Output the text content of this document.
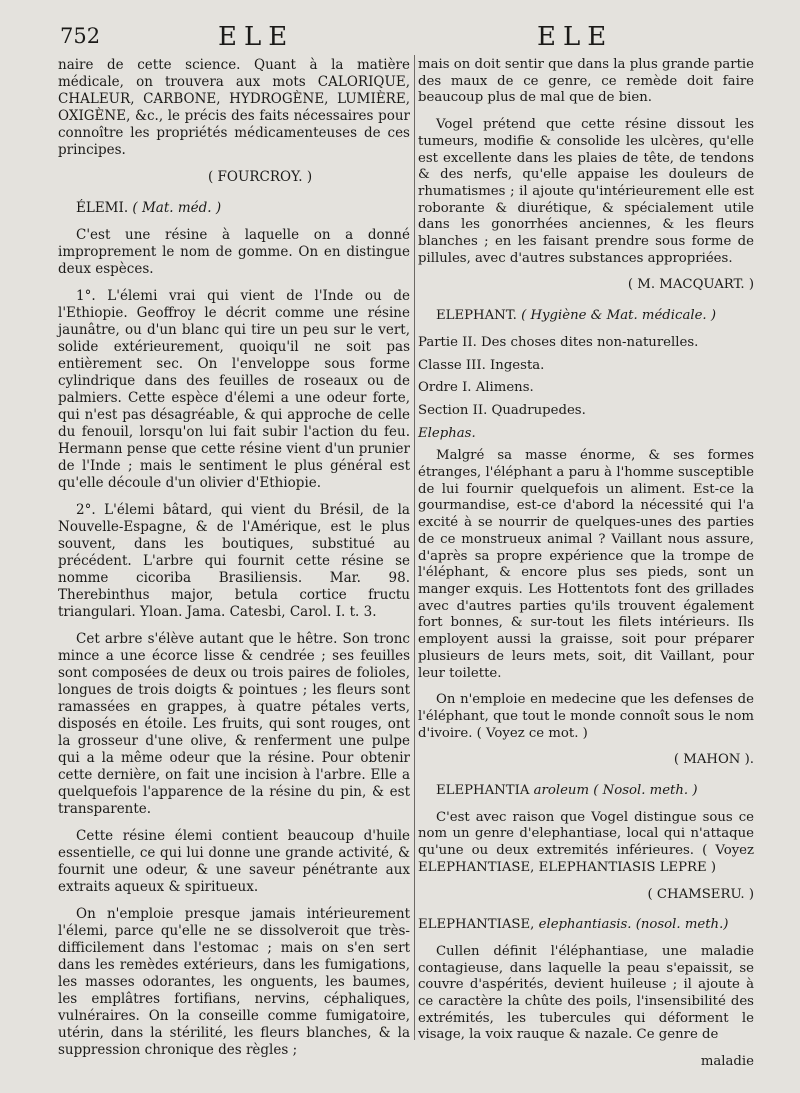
752	ELE	ELE

naire de cette science. Quant à la matière médicale, on trouvera aux mots CALORIQUE, CHALEUR, CARBONE, HYDROGÈNE, LUMIÈRE, OXIGÈNE, &c., le précis des faits nécessaires pour connoître les propriétés médicamenteuses de ces principes.

( FOURCROY. )

ÉLEMI. ( Mat. méd. )

C'est une résine à laquelle on a donné improprement le nom de gomme. On en distingue deux espèces.

1°. L'élemi vrai qui vient de l'Inde ou de l'Ethiopie. Geoffroy le décrit comme une résine jaunâtre, ou d'un blanc qui tire un peu sur le vert, solide extérieurement, quoiqu'il ne soit pas entièrement sec. On l'enveloppe sous forme cylindrique dans des feuilles de roseaux ou de palmiers. Cette espèce d'élemi a une odeur forte, qui n'est pas désagréable, & qui approche de celle du fenouil, lorsqu'on lui fait subir l'action du feu. Hermann pense que cette résine vient d'un prunier de l'Inde ; mais le sentiment le plus général est qu'elle découle d'un olivier d'Ethiopie.

2°. L'élemi bâtard, qui vient du Brésil, de la Nouvelle-Espagne, & de l'Amérique, est le plus souvent, dans les boutiques, substitué au précédent. L'arbre qui fournit cette résine se nomme cicoriba Brasiliensis. Mar. 98. Therebinthus major, betula cortice fructu triangulari. Yloan. Jama. Catesbi, Carol. I. t. 3.

Cet arbre s'élève autant que le hêtre. Son tronc mince a une écorce lisse & cendrée ; ses feuilles sont composées de deux ou trois paires de folioles, longues de trois doigts & pointues ; les fleurs sont ramassées en grappes, à quatre pétales verts, disposés en étoile. Les fruits, qui sont rouges, ont la grosseur d'une olive, & renferment une pulpe qui a la même odeur que la résine. Pour obtenir cette dernière, on fait une incision à l'arbre. Elle a quelquefois l'apparence de la résine du pin, & est transparente.

Cette résine élemi contient beaucoup d'huile essentielle, ce qui lui donne une grande activité, & fournit une odeur, & une saveur pénétrante aux extraits aqueux & spiritueux.

On n'emploie presque jamais intérieurement l'élemi, parce qu'elle ne se dissolveroit que très-difficilement dans l'estomac ; mais on s'en sert dans les remèdes extérieurs, dans les fumigations, les masses odorantes, les onguents, les baumes, les emplâtres fortifians, nervins, céphaliques, vulnéraires. On la conseille comme fumigatoire, utérin, dans la stérilité, les fleurs blanches, & la suppression chronique des règles ;

mais on doit sentir que dans la plus grande partie des maux de ce genre, ce remède doit faire beaucoup plus de mal que de bien.

Vogel prétend que cette résine dissout les tumeurs, modifie & consolide les ulcères, qu'elle est excellente dans les plaies de tête, de tendons & des nerfs, qu'elle appaise les douleurs de rhumatismes ; il ajoute qu'intérieurement elle est roborante & diurétique, & spécialement utile dans les gonorrhées anciennes, & les fleurs blanches ; en les faisant prendre sous forme de pillules, avec d'autres substances appropriées.

( M. MACQUART. )

ELEPHANT. ( Hygiène & Mat. médicale. )

Partie II. Des choses dites non-naturelles.

Classe III. Ingesta.

Ordre I. Alimens.

Section II. Quadrupedes.

Elephas.

Malgré sa masse énorme, & ses formes étranges, l'éléphant a paru à l'homme susceptible de lui fournir quelquefois un aliment. Est-ce la gourmandise, est-ce d'abord la nécessité qui l'a excité à se nourrir de quelques-unes des parties de ce monstrueux animal ? Vaillant nous assure, d'après sa propre expérience que la trompe de l'éléphant, & encore plus ses pieds, sont un manger exquis. Les Hottentots font des grillades avec d'autres parties qu'ils trouvent également fort bonnes, & sur-tout les filets intérieurs. Ils employent aussi la graisse, soit pour préparer plusieurs de leurs mets, soit, dit Vaillant, pour leur toilette.

On n'emploie en medecine que les defenses de l'éléphant, que tout le monde connoît sous le nom d'ivoire. ( Voyez ce mot. )

( MAHON ).

ELEPHANTIA aroleum ( Nosol. meth. )

C'est avec raison que Vogel distingue sous ce nom un genre d'elephantiase, local qui n'attaque qu'une ou deux extremités inférieures. ( Voyez ELEPHANTIASE, ELEPHANTIASIS LEPRE )

( CHAMSERU. )

ELEPHANTIASE, elephantiasis. (nosol. meth.)

Cullen définit l'éléphantiase, une maladie contagieuse, dans laquelle la peau s'epaissit, se couvre d'aspérités, devient huileuse ; il ajoute à ce caractère la chûte des poils, l'insensibilité des extrémités, les tubercules qui déforment le visage, la voix rauque & nazale. Ce genre de

maladie
